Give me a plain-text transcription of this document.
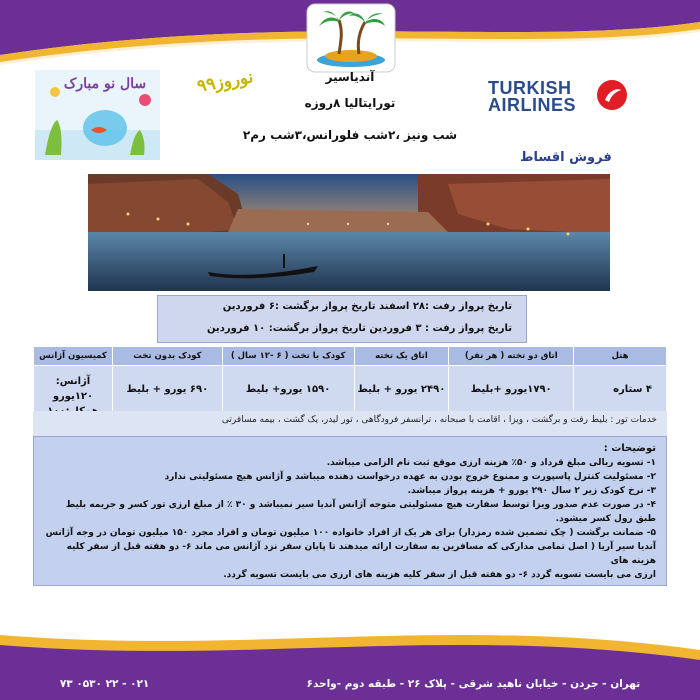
آندیاسیر
تورایتالیا ۸روزه
۲شب ونیز ،۲شب فلورانس،۳شب رم
سال نو مبارک	نوروز۹۹	TURKISH
AIRLINES
فروش اقساط
تاریخ پرواز رفت :۲۸ اسفند تاریخ پرواز برگشت :۶ فروردین
تاریخ پرواز رفت : ۳ فروردین تاریخ پرواز برگشت: ۱۰ فروردین
هتل	اتاق دو تخته ( هر نفر)	اتاق یک تخته	کودک با تخت ( ۶ -۱۲ سال )	کودک بدون تخت	کمیسیون آژانس
۴ ستاره	۱۷۹۰یورو +بلیط	۲۴۹۰ یورو + بلیط	۱۵۹۰ یورو+ بلیط	۶۹۰ یورو + بلیط	آژانس: ۱۲۰یورو
خدمات تور : بلیط رفت و برگشت ، ویزا ، اقامت با صبحانه ، ترانسفر فرودگاهی ، تور لیدر، یک گشت ، بیمه مسافرتی
توضیحات :
۱- تسویه ریالی مبلغ قرداد و ۵۰٪ هزینه ارزی موقع ثبت نام الزامی میباشد.
۲- مسئولیت کنترل پاسپورت و ممنوع خروج بودن به عهده درخواست دهنده میباشد و آژانس هیچ مسئولیتی ندارد
۳- نرخ کودک زیر ۲ سال ۲۹۰ یورو + هزینه پرواز میباشد.
۴- در صورت عدم صدور ویزا توسط سفارت هیچ مسئولیتی متوجه آژانس آندیا سیر نمیباشد و ۳۰ ٪ از مبلغ ارزی تور کسر و جریمه بلیط طبق رول کسر میشود.
۵- ضمانت برگشت ( چک تضمین شده رمزدار) برای هر یک از افراد خانواده ۱۰۰ میلیون تومان و افراد مجرد ۱۵۰ میلیون تومان در وجه آژانس
آندیا سیر آریا ( اصل تمامی مدارکی که مسافرین به سفارت ارائه میدهند تا پایان سفر نزد آژانس می ماند ۶- دو هفته قبل از سفر کلیه هزینه های
ارزی می بایست تسویه گردد ۶- دو هفته قبل از سفر کلیه هزینه های ارزی می بایست تسویه گردد.
تهران - جردن - خیابان ناهید شرقی - پلاک ۲۶ - طبقه دوم -واحد۶                                           ۰۲۱ - ۲۲ ۰۵۳۰ ۷۳
